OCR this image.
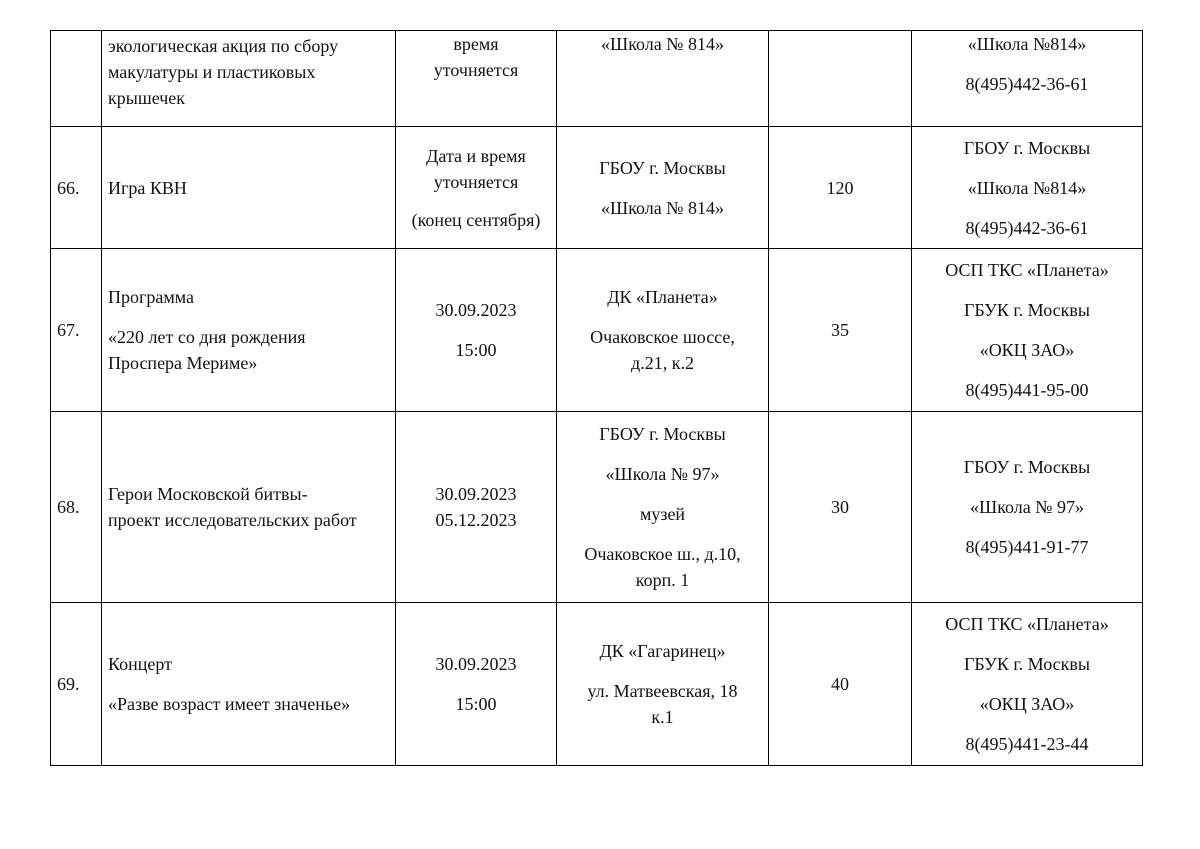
	экологическая акция по сбору
макулатуры и пластиковых
крышечек	время
уточняется	«Школа № 814»		«Школа №814»
8(495)442-36-61

66.	Игра КВН	Дата и время
уточняется
(конец сентября)	ГБОУ г. Москвы
«Школа № 814»	120	ГБОУ г. Москвы
«Школа №814»
8(495)442-36-61

67.	Программа
«220 лет со дня рождения
Проспера Мериме»	30.09.2023
15:00	ДК «Планета»
Очаковское шоссе,
д.21, к.2	35	ОСП ТКС «Планета»
ГБУК г. Москвы
«ОКЦ ЗАО»
8(495)441-95-00

68.	Герои Московской битвы-
проект исследовательских работ	30.09.2023
05.12.2023	ГБОУ г. Москвы
«Школа № 97»
музей
Очаковское ш., д.10,
корп. 1	30	ГБОУ г. Москвы
«Школа № 97»
8(495)441-91-77

69.	Концерт
«Разве возраст имеет значенье»	30.09.2023
15:00	ДК «Гагаринец»
ул. Матвеевская, 18
к.1	40	ОСП ТКС «Планета»
ГБУК г. Москвы
«ОКЦ ЗАО»
8(495)441-23-44
